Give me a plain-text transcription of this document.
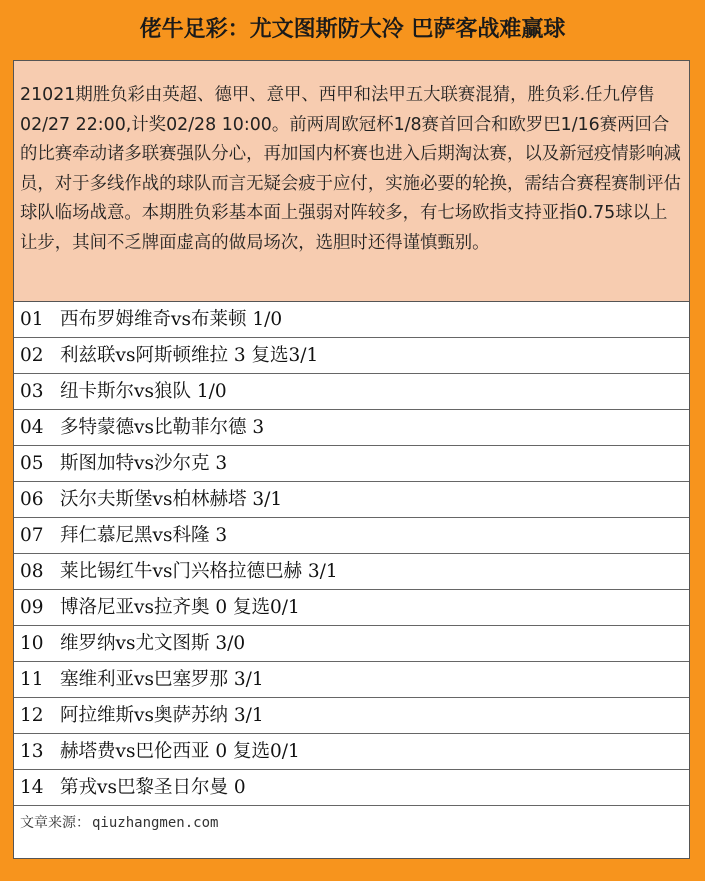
佬牛足彩：尤文图斯防大冷 巴萨客战难赢球
21021期胜负彩由英超、德甲、意甲、西甲和法甲五大联赛混猜，胜负彩.任九停售02/27 22:00,计奖02/28 10:00。前两周欧冠杯1/8赛首回合和欧罗巴1/16赛两回合的比赛牵动诸多联赛强队分心，再加国内杯赛也进入后期淘汰赛，以及新冠疫情影响减员，对于多线作战的球队而言无疑会疲于应付，实施必要的轮换，需结合赛程赛制评估球队临场战意。本期胜负彩基本面上强弱对阵较多，有七场欧指支持亚指0.75球以上让步，其间不乏牌面虚高的做局场次，选胆时还得谨慎甄别。
01 西布罗姆维奇vs布莱顿 1/0
02 利兹联vs阿斯顿维拉 3 复选3/1
03 纽卡斯尔vs狼队 1/0
04 多特蒙德vs比勒菲尔德 3
05 斯图加特vs沙尔克 3
06 沃尔夫斯堡vs柏林赫塔 3/1
07 拜仁慕尼黑vs科隆 3
08 莱比锡红牛vs门兴格拉德巴赫 3/1
09 博洛尼亚vs拉齐奥 0 复选0/1
10 维罗纳vs尤文图斯 3/0
11 塞维利亚vs巴塞罗那 3/1
12 阿拉维斯vs奥萨苏纳 3/1
13 赫塔费vs巴伦西亚 0 复选0/1
14 第戎vs巴黎圣日尔曼 0
文章来源： qiuzhangmen.com
